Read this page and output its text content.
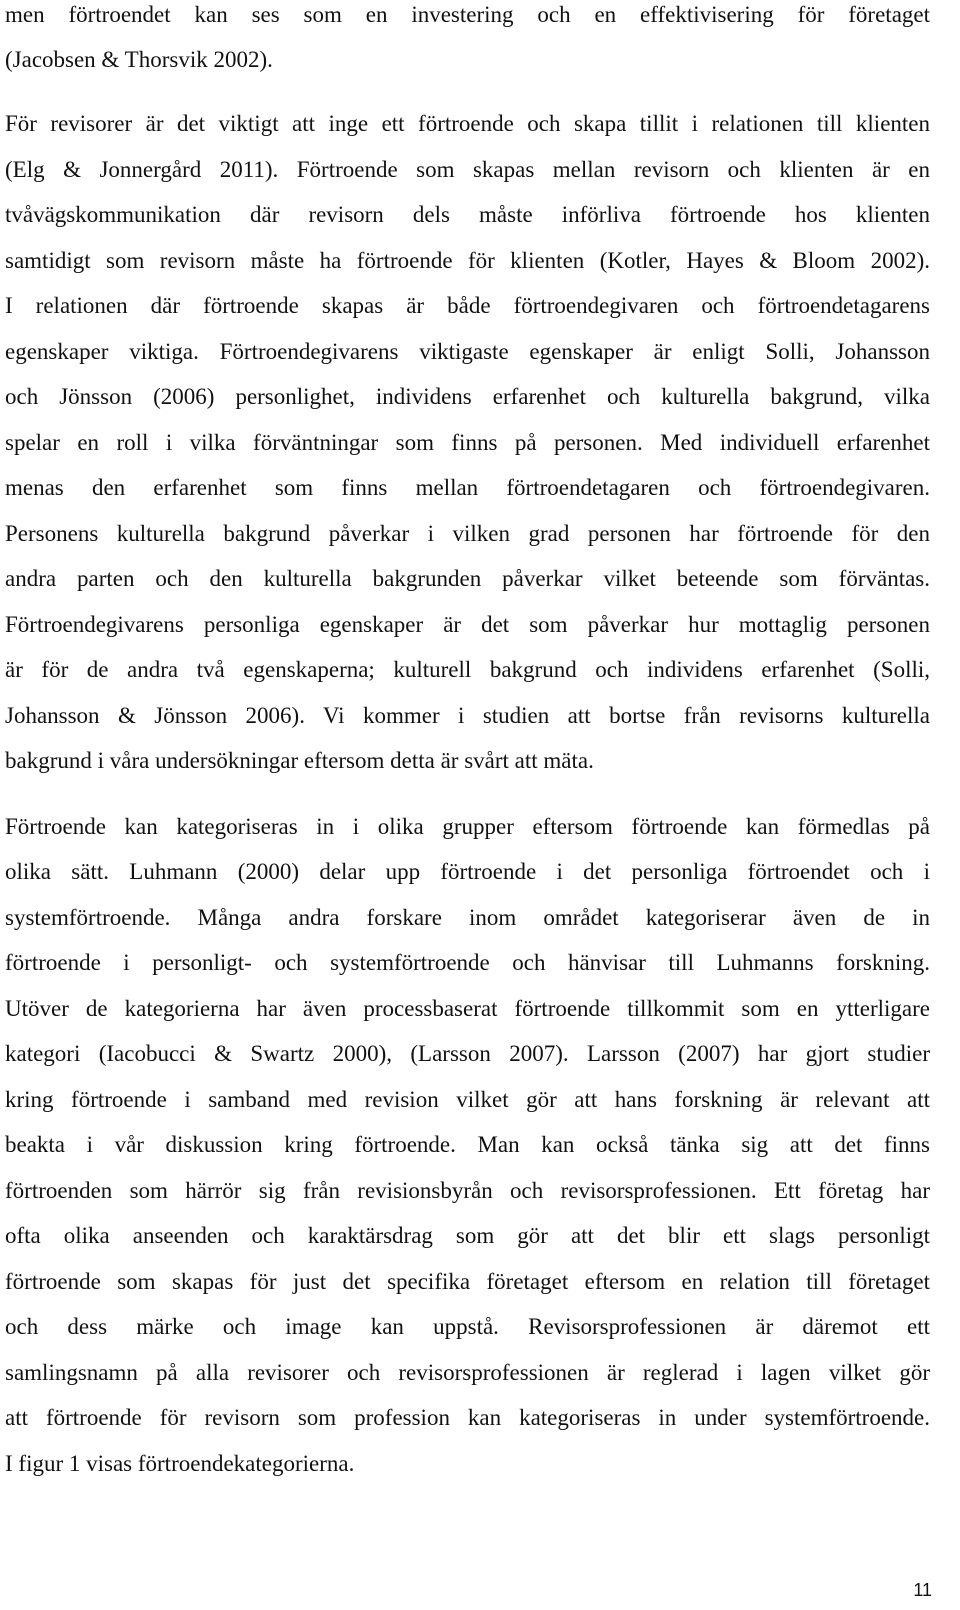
men förtroendet kan ses som en investering och en effektivisering för företaget
(Jacobsen & Thorsvik 2002).
För revisorer är det viktigt att inge ett förtroende och skapa tillit i relationen till klienten
(Elg & Jonnergård 2011). Förtroende som skapas mellan revisorn och klienten är en
tvåvägskommunikation där revisorn dels måste införliva förtroende hos klienten
samtidigt som revisorn måste ha förtroende för klienten (Kotler, Hayes & Bloom 2002).
I relationen där förtroende skapas är både förtroendegivaren och förtroendetagarens
egenskaper viktiga. Förtroendegivarens viktigaste egenskaper är enligt Solli, Johansson
och Jönsson (2006) personlighet, individens erfarenhet och kulturella bakgrund, vilka
spelar en roll i vilka förväntningar som finns på personen. Med individuell erfarenhet
menas den erfarenhet som finns mellan förtroendetagaren och förtroendegivaren.
Personens kulturella bakgrund påverkar i vilken grad personen har förtroende för den
andra parten och den kulturella bakgrunden påverkar vilket beteende som förväntas.
Förtroendegivarens personliga egenskaper är det som påverkar hur mottaglig personen
är för de andra två egenskaperna; kulturell bakgrund och individens erfarenhet (Solli,
Johansson & Jönsson 2006). Vi kommer i studien att bortse från revisorns kulturella
bakgrund i våra undersökningar eftersom detta är svårt att mäta.
Förtroende kan kategoriseras in i olika grupper eftersom förtroende kan förmedlas på
olika sätt. Luhmann (2000) delar upp förtroende i det personliga förtroendet och i
systemförtroende. Många andra forskare inom området kategoriserar även de in
förtroende i personligt- och systemförtroende och hänvisar till Luhmanns forskning.
Utöver de kategorierna har även processbaserat förtroende tillkommit som en ytterligare
kategori (Iacobucci & Swartz 2000), (Larsson 2007). Larsson (2007) har gjort studier
kring förtroende i samband med revision vilket gör att hans forskning är relevant att
beakta i vår diskussion kring förtroende. Man kan också tänka sig att det finns
förtroenden som härrör sig från revisionsbyrån och revisorsprofessionen. Ett företag har
ofta olika anseenden och karaktärsdrag som gör att det blir ett slags personligt
förtroende som skapas för just det specifika företaget eftersom en relation till företaget
och dess märke och image kan uppstå. Revisorsprofessionen är däremot ett
samlingsnamn på alla revisorer och revisorsprofessionen är reglerad i lagen vilket gör
att förtroende för revisorn som profession kan kategoriseras in under systemförtroende.
I figur 1 visas förtroendekategorierna.
11
